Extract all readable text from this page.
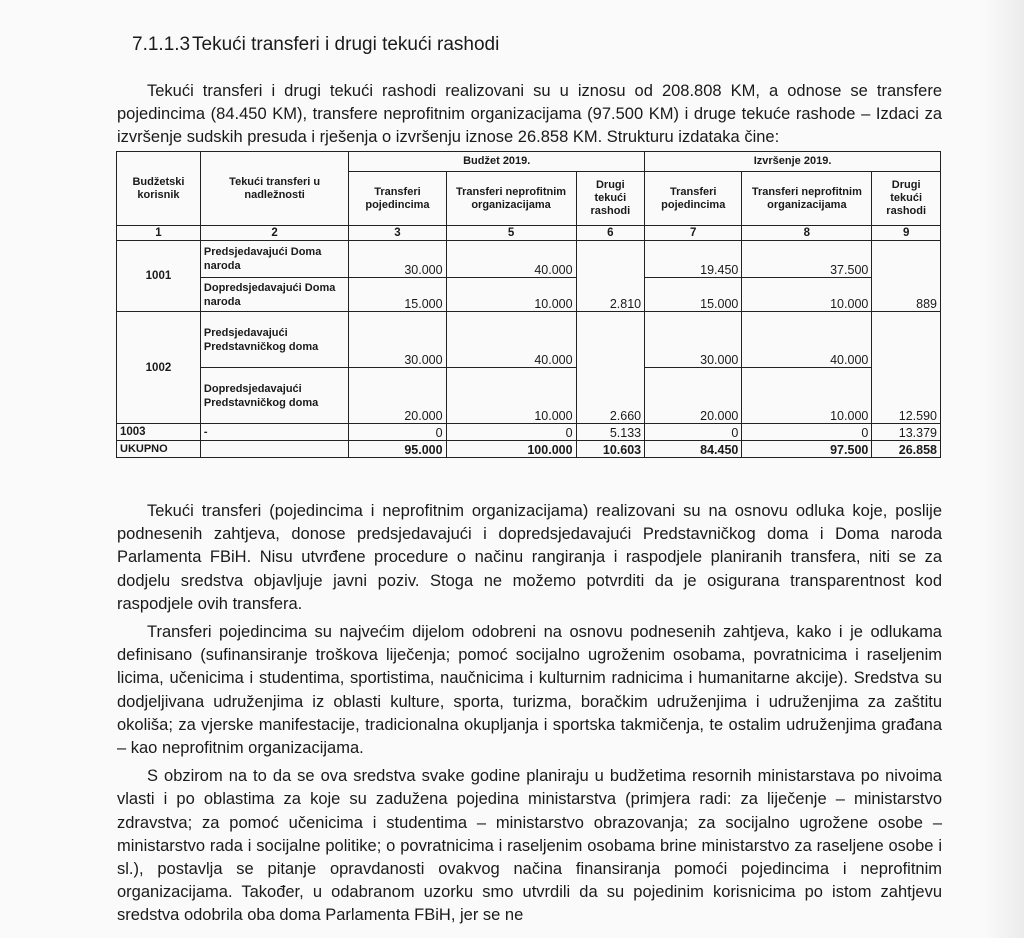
7.1.1.3Tekući transferi i drugi tekući rashodi

Tekući transferi i drugi tekući rashodi realizovani su u iznosu od 208.808 KM, a odnose se transfere pojedincima (84.450 KM), transfere neprofitnim organizacijama (97.500 KM) i druge tekuće rashode – Izdaci za izvršenje sudskih presuda i rješenja o izvršenju iznose 26.858 KM. Strukturu izdataka čine:

Budžetski korisnik	Tekući transferi u nadležnosti	Budžet 2019.			Izvršenje 2019.		
		Transferi pojedincima	Transferi neprofitnim organizacijama	Drugi tekući rashodi	Transferi pojedincima	Transferi neprofitnim organizacijama	Drugi tekući rashodi
1	2	3	5	6	7	8	9
1001	Predsjedavajući Doma naroda	30.000	40.000	2.810	19.450	37.500	889
	Dopredsjedavajući Doma naroda	15.000	10.000		15.000	10.000	
1002	Predsjedavajući Predstavničkog doma	30.000	40.000	2.660	30.000	40.000	12.590
	Dopredsjedavajući Predstavničkog doma	20.000	10.000		20.000	10.000	
1003	-	0	0	5.133	0	0	13.379
UKUPNO		95.000	100.000	10.603	84.450	97.500	26.858

Tekući transferi (pojedincima i neprofitnim organizacijama) realizovani su na osnovu odluka koje, poslije podnesenih zahtjeva, donose predsjedavajući i dopredsjedavajući Predstavničkog doma i Doma naroda Parlamenta FBiH. Nisu utvrđene procedure o načinu rangiranja i raspodjele planiranih transfera, niti se za dodjelu sredstva objavljuje javni poziv. Stoga ne možemo potvrditi da je osigurana transparentnost kod raspodjele ovih transfera.

Transferi pojedincima su najvećim dijelom odobreni na osnovu podnesenih zahtjeva, kako i je odlukama definisano (sufinansiranje troškova liječenja; pomoć socijalno ugroženim osobama, povratnicima i raseljenim licima, učenicima i studentima, sportistima, naučnicima i kulturnim radnicima i humanitarne akcije). Sredstva su dodjeljivana udruženjima iz oblasti kulture, sporta, turizma, boračkim udruženjima i udruženjima za zaštitu okoliša; za vjerske manifestacije, tradicionalna okupljanja i sportska takmičenja, te ostalim udruženjima građana – kao neprofitnim organizacijama.

S obzirom na to da se ova sredstva svake godine planiraju u budžetima resornih ministarstava po nivoima vlasti i po oblastima za koje su zadužena pojedina ministarstva (primjera radi: za liječenje – ministarstvo zdravstva; za pomoć učenicima i studentima – ministarstvo obrazovanja; za socijalno ugrožene osobe – ministarstvo rada i socijalne politike; o povratnicima i raseljenim osobama brine ministarstvo za raseljene osobe i sl.), postavlja se pitanje opravdanosti ovakvog načina finansiranja pomoći pojedincima i neprofitnim organizacijama. Također, u odabranom uzorku smo utvrdili da su pojedinim korisnicima po istom zahtjevu sredstva odobrila oba doma Parlamenta FBiH, jer se ne
